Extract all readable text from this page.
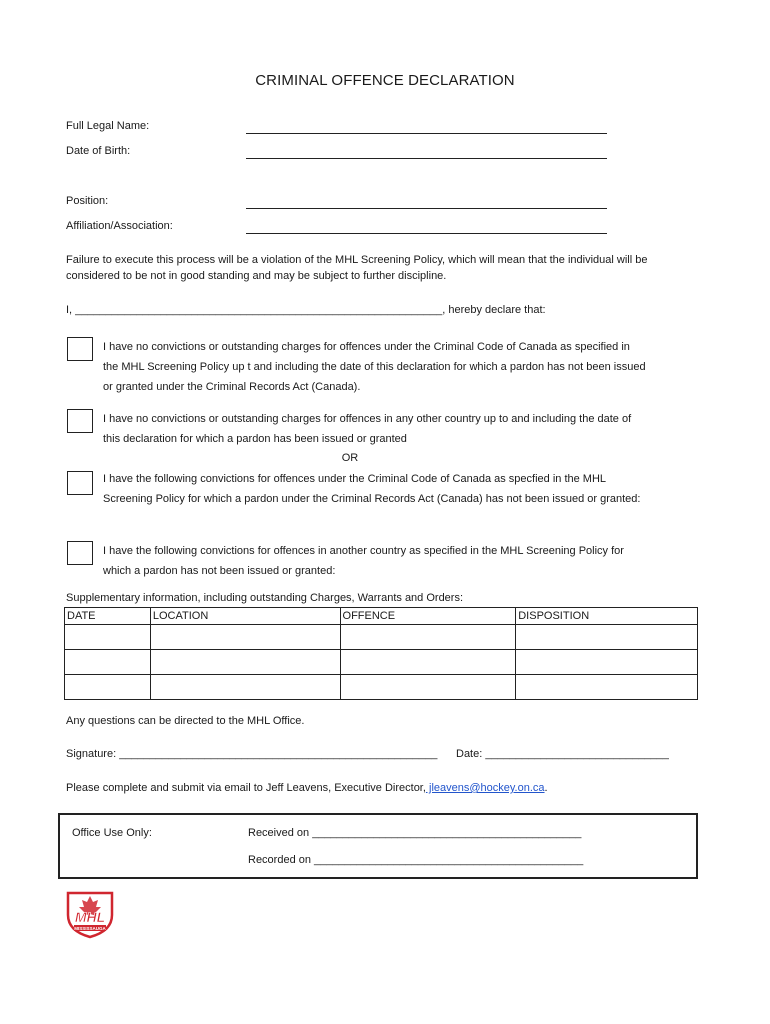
CRIMINAL OFFENCE DECLARATION
Full Legal Name:
Date of Birth:
Position:
Affiliation/Association:
Failure to execute this process will be a violation of the MHL Screening Policy, which will mean that the individual will be considered to be not in good standing and may be subject to further discipline.
I, ____________________________________________________________, hereby declare that:
I have no convictions or outstanding charges for offences under the Criminal Code of Canada as specified in the MHL Screening Policy up t and including the date of this declaration for which a pardon has not been issued or granted under the Criminal Records Act (Canada).
I have no convictions or outstanding charges for offences in any other country up to and including the date of this declaration for which a pardon has been issued or granted
OR
I have the following convictions for offences under the Criminal Code of Canada as specfied in the MHL Screening Policy for which a pardon under the Criminal Records Act (Canada) has not been issued or granted:
I have the following convictions for offences in another country as specified in the MHL Screening Policy for which a pardon has not been issued or granted:
Supplementary information, including outstanding Charges, Warrants and Orders:
DATE	LOCATION	OFFENCE	DISPOSITION

Any questions can be directed to the MHL Office.
Signature: ____________________________________________________ Date: ______________________________
Please complete and submit via email to Jeff Leavens, Executive Director, jleavens@hockey.on.ca.
Office Use Only:	Received on ____________________________________________
Recorded on ____________________________________________
MHL
MISSISSAUGA
